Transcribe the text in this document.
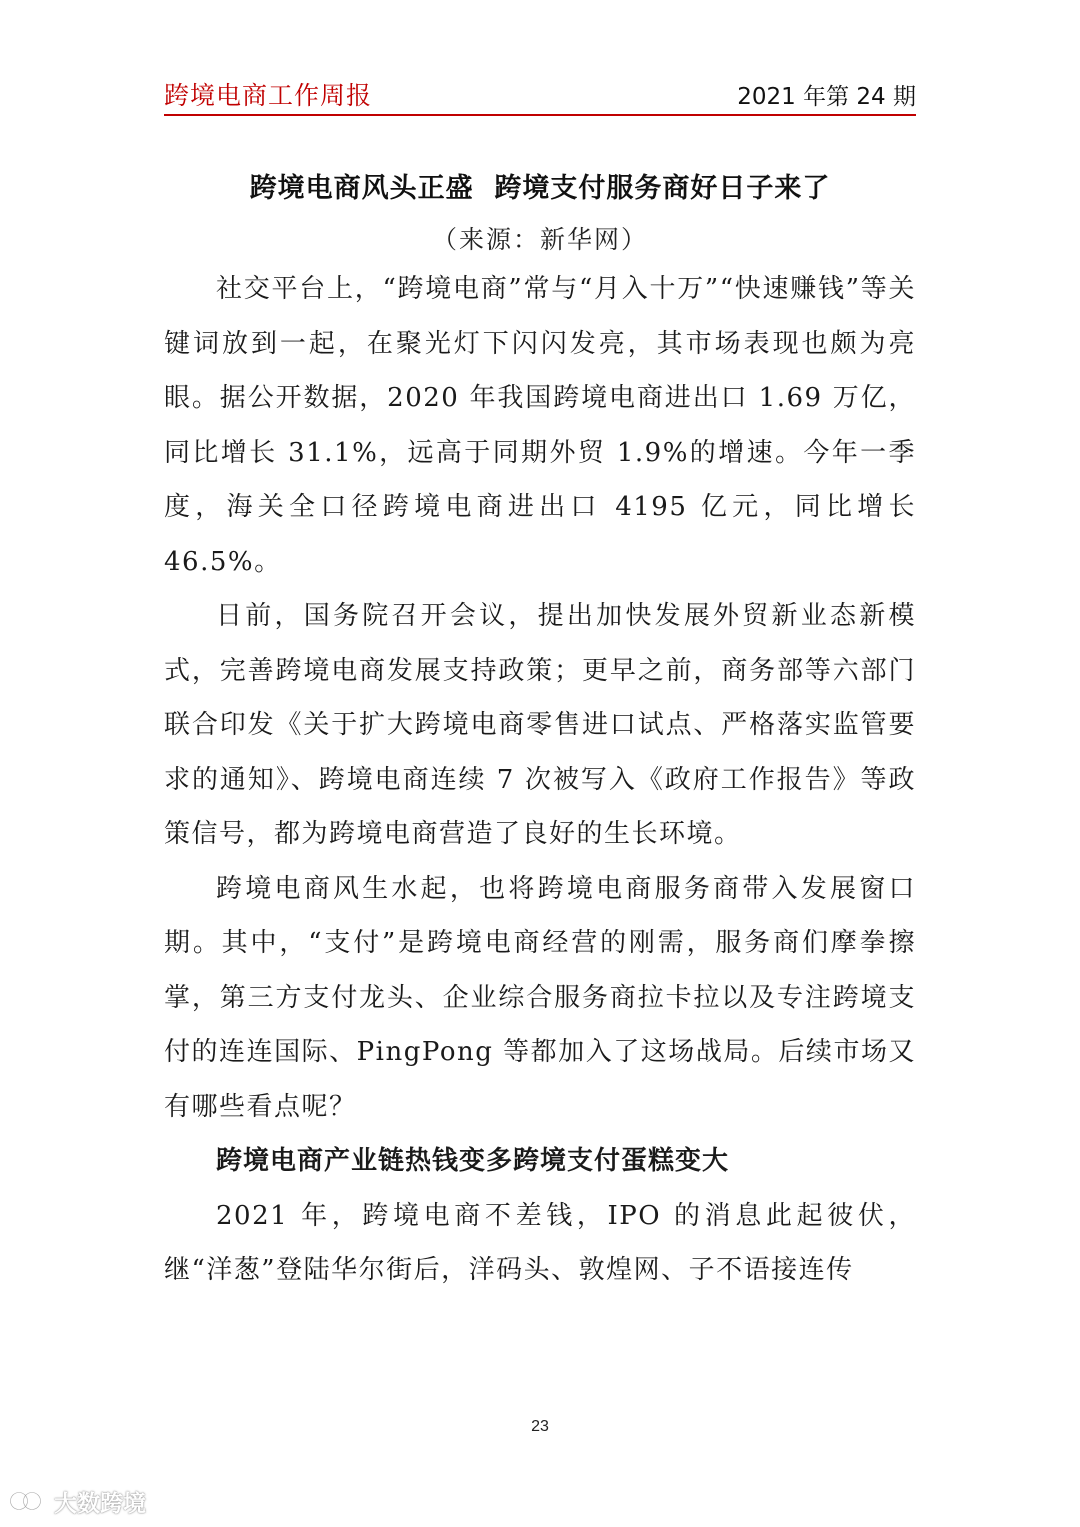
跨境电商工作周报	2021 年第 24 期
跨境电商风头正盛  跨境支付服务商好日子来了
（来源：新华网）

社交平台上，“跨境电商”常与“月入十万”“快速赚钱”等关键词放到一起，在聚光灯下闪闪发亮，其市场表现也颇为亮眼。据公开数据，2020 年我国跨境电商进出口 1.69 万亿，同比增长 31.1%，远高于同期外贸 1.9%的增速。今年一季度，海关全口径跨境电商进出口 4195 亿元，同比增长 46.5%。

日前，国务院召开会议，提出加快发展外贸新业态新模式，完善跨境电商发展支持政策；更早之前，商务部等六部门联合印发《关于扩大跨境电商零售进口试点、严格落实监管要求的通知》、跨境电商连续 7 次被写入《政府工作报告》等政策信号，都为跨境电商营造了良好的生长环境。

跨境电商风生水起，也将跨境电商服务商带入发展窗口期。其中，“支付”是跨境电商经营的刚需，服务商们摩拳擦掌，第三方支付龙头、企业综合服务商拉卡拉以及专注跨境支付的连连国际、PingPong 等都加入了这场战局。后续市场又有哪些看点呢？

跨境电商产业链热钱变多跨境支付蛋糕变大

2021 年，跨境电商不差钱，IPO 的消息此起彼伏，继“洋葱”登陆华尔街后，洋码头、敦煌网、子不语接连传

23
大数跨境
